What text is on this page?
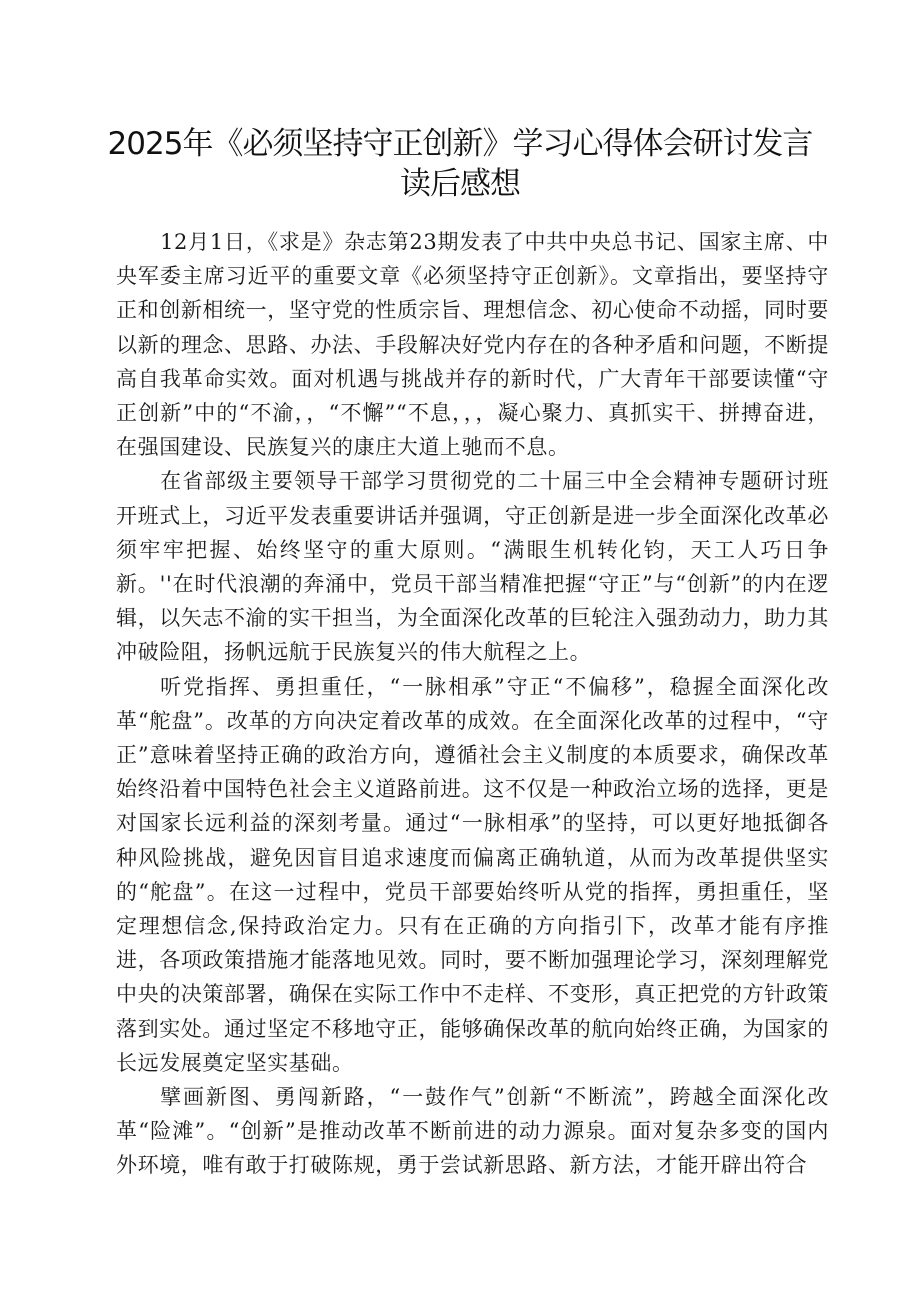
2025年《必须坚持守正创新》学习心得体会研讨发言读后感想

12月1日，《求是》杂志第23期发表了中共中央总书记、国家主席、中央军委主席习近平的重要文章《必须坚持守正创新》。文章指出，要坚持守正和创新相统一，坚守党的性质宗旨、理想信念、初心使命不动摇，同时要以新的理念、思路、办法、手段解决好党内存在的各种矛盾和问题，不断提高自我革命实效。面对机遇与挑战并存的新时代，广大青年干部要读懂“守正创新”中的“不渝，，“不懈”“不息，，，凝心聚力、真抓实干、拼搏奋进，在强国建设、民族复兴的康庄大道上驰而不息。

在省部级主要领导干部学习贯彻党的二十届三中全会精神专题研讨班开班式上，习近平发表重要讲话并强调，守正创新是进一步全面深化改革必须牢牢把握、始终坚守的重大原则。“满眼生机转化钧，天工人巧日争新。''在时代浪潮的奔涌中，党员干部当精准把握“守正”与“创新”的内在逻辑，以矢志不渝的实干担当，为全面深化改革的巨轮注入强劲动力，助力其冲破险阻，扬帆远航于民族复兴的伟大航程之上。

听党指挥、勇担重任，“一脉相承”守正“不偏移”，稳握全面深化改革“舵盘”。改革的方向决定着改革的成效。在全面深化改革的过程中，“守正”意味着坚持正确的政治方向，遵循社会主义制度的本质要求，确保改革始终沿着中国特色社会主义道路前进。这不仅是一种政治立场的选择，更是对国家长远利益的深刻考量。通过“一脉相承”的坚持，可以更好地抵御各种风险挑战，避免因盲目追求速度而偏离正确轨道，从而为改革提供坚实的“舵盘”。在这一过程中，党员干部要始终听从党的指挥，勇担重任，坚定理想信念,保持政治定力。只有在正确的方向指引下，改革才能有序推进，各项政策措施才能落地见效。同时，要不断加强理论学习，深刻理解党中央的决策部署，确保在实际工作中不走样、不变形，真正把党的方针政策落到实处。通过坚定不移地守正，能够确保改革的航向始终正确，为国家的长远发展奠定坚实基础。

擘画新图、勇闯新路，“一鼓作气”创新“不断流”，跨越全面深化改革“险滩”。“创新”是推动改革不断前进的动力源泉。面对复杂多变的国内外环境，唯有敢于打破陈规，勇于尝试新思路、新方法，才能开辟出符合
